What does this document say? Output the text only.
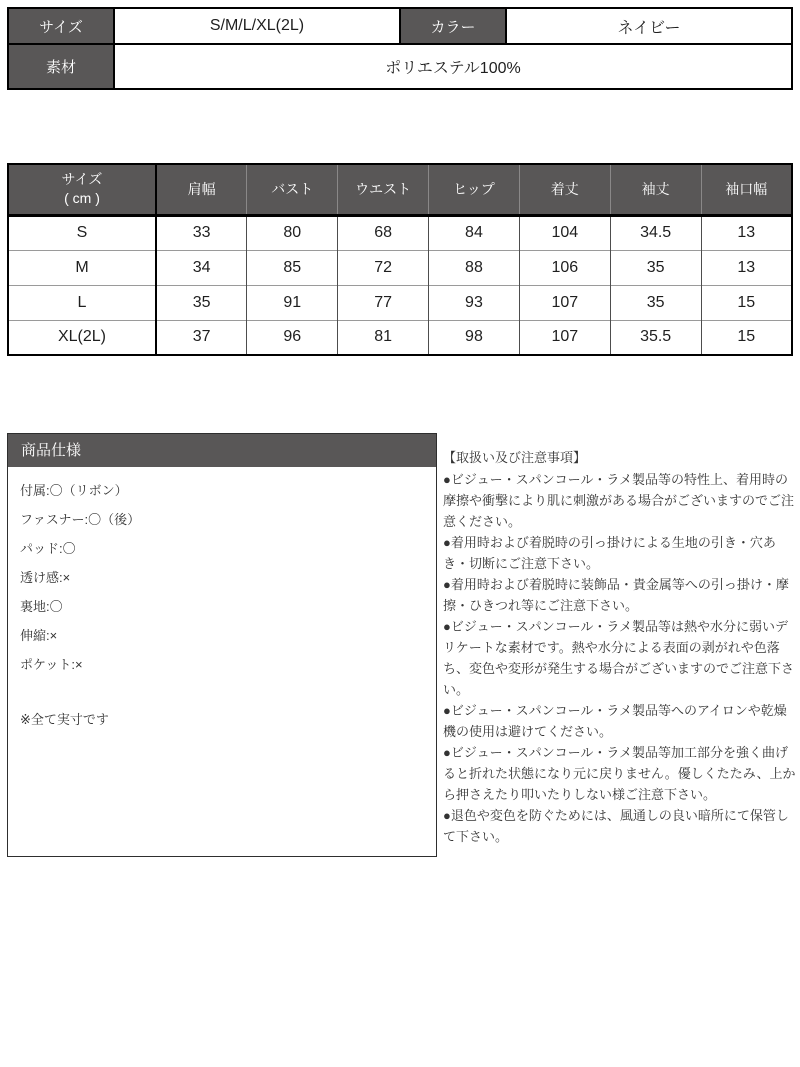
サイズ	S/M/L/XL(2L)	カラー	ネイビー
素材	ポリエステル100%		
サイズ
( cm )	肩幅	バスト	ウエスト	ヒップ	着丈	袖丈	袖口幅
S	33	80	68	84	104	34.5	13
M	34	85	72	88	106	35	13
L	35	91	77	93	107	35	15
XL(2L)	37	96	81	98	107	35.5	15
商品仕様
付属:〇（リボン）
ファスナー:〇（後）
パッド:〇
透け感:×
裏地:〇
伸縮:×
ポケット:×
※全て実寸です
【取扱い及び注意事項】

●ビジュー・スパンコール・ラメ製品等の特性上、着用時の摩擦や衝撃により肌に刺激がある場合がございますのでご注意ください。

●着用時および着脱時の引っ掛けによる生地の引き・穴あき・切断にご注意下さい。

●着用時および着脱時に装飾品・貴金属等への引っ掛け・摩擦・ひきつれ等にご注意下さい。

●ビジュー・スパンコール・ラメ製品等は熱や水分に弱いデリケートな素材です。熱や水分による表面の剥がれや色落ち、変色や変形が発生する場合がございますのでご注意下さい。

●ビジュー・スパンコール・ラメ製品等へのアイロンや乾燥機の使用は避けてください。

●ビジュー・スパンコール・ラメ製品等加工部分を強く曲げると折れた状態になり元に戻りません。優しくたたみ、上から押さえたり叩いたりしない様ご注意下さい。

●退色や変色を防ぐためには、風通しの良い暗所にて保管して下さい。
